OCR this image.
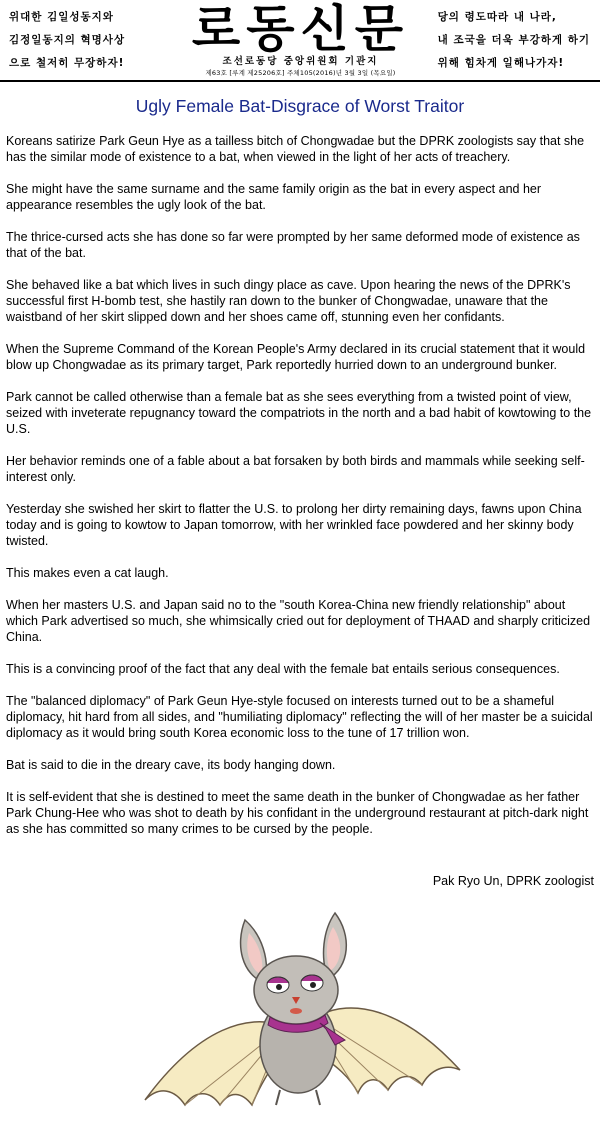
위대한 김일성동지와
김정일동지의 혁명사상
으로 철저히 무장하자!
로동신문
조선로동당 중앙위원회 기관지
제63호 [루계 제25206호] 주체105(2016)년 3월 3일 (목요일)
당의 령도따라 내 나라,
내 조국을 더욱 부강하게 하기
위해 힘차게 일해나가자!
Ugly Female Bat-Disgrace of Worst Traitor

Koreans satirize Park Geun Hye as a tailless bitch of Chongwadae but the DPRK zoologists say that she has the similar mode of existence to a bat, when viewed in the light of her acts of treachery.

She might have the same surname and the same family origin as the bat in every aspect and her appearance resembles the ugly look of the bat.

The thrice-cursed acts she has done so far were prompted by her same deformed mode of existence as that of the bat.

She behaved like a bat which lives in such dingy place as cave. Upon hearing the news of the DPRK's successful first H-bomb test, she hastily ran down to the bunker of Chongwadae, unaware that the waistband of her skirt slipped down and her shoes came off, stunning even her confidants.

When the Supreme Command of the Korean People's Army declared in its crucial statement that it would blow up Chongwadae as its primary target, Park reportedly hurried down to an underground bunker.

Park cannot be called otherwise than a female bat as she sees everything from a twisted point of view, seized with inveterate repugnancy toward the compatriots in the north and a bad habit of kowtowing to the U.S.

Her behavior reminds one of a fable about a bat forsaken by both birds and mammals while seeking self-interest only.

Yesterday she swished her skirt to flatter the U.S. to prolong her dirty remaining days, fawns upon China today and is going to kowtow to Japan tomorrow, with her wrinkled face powdered and her skinny body twisted.

This makes even a cat laugh.

When her masters U.S. and Japan said no to the "south Korea-China new friendly relationship" about which Park advertised so much, she whimsically cried out for deployment of THAAD and sharply criticized China.

This is a convincing proof of the fact that any deal with the female bat entails serious consequences.

The "balanced diplomacy" of Park Geun Hye-style focused on interests turned out to be a shameful diplomacy, hit hard from all sides, and "humiliating diplomacy" reflecting the will of her master be a suicidal diplomacy as it would bring south Korea economic loss to the tune of 17 trillion won.

Bat is said to die in the dreary cave, its body hanging down.

It is self-evident that she is destined to meet the same death in the bunker of Chongwadae as her father Park Chung-Hee who was shot to death by his confidant in the underground restaurant at pitch-dark night as she has committed so many crimes to be cursed by the people.

Pak Ryo Un, DPRK zoologist
